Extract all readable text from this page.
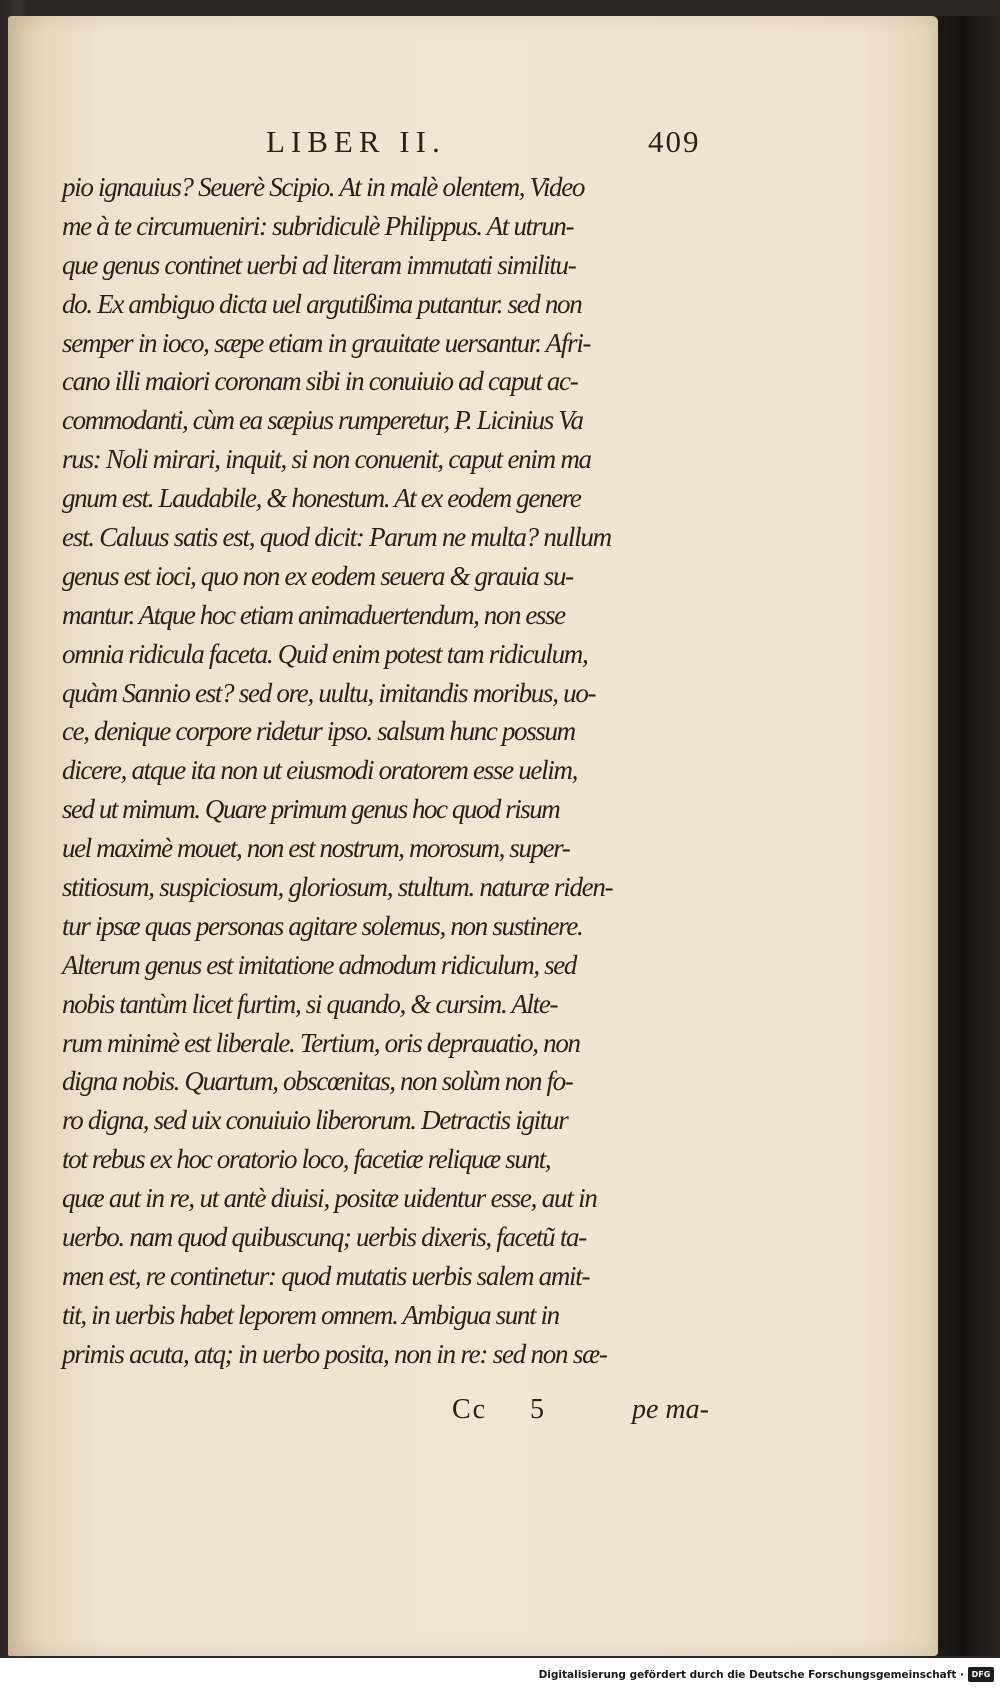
LIBER II.	409
pio ignauius? Seuerè Scipio. At in malè olentem, Video
me à te circumueniri: subridiculè Philippus. At utrun-
que genus continet uerbi ad literam immutati similitu-
do. Ex ambiguo dicta uel argutißima putantur. sed non
semper in ioco, sæpe etiam in grauitate uersantur. Afri-
cano illi maiori coronam sibi in conuiuio ad caput ac-
commodanti, cùm ea sæpius rumperetur, P. Licinius Va
rus: Noli mirari, inquit, si non conuenit, caput enim ma
gnum est. Laudabile, & honestum. At ex eodem genere
est. Caluus satis est, quod dicit: Parum ne multa? nullum
genus est ioci, quo non ex eodem seuera & grauia su-
mantur. Atque hoc etiam animaduertendum, non esse
omnia ridicula faceta. Quid enim potest tam ridiculum,
quàm Sannio est? sed ore, uultu, imitandis moribus, uo-
ce, denique corpore ridetur ipso. salsum hunc possum
dicere, atque ita non ut eiusmodi oratorem esse uelim,
sed ut mimum. Quare primum genus hoc quod risum
uel maximè mouet, non est nostrum, morosum, super-
stitiosum, suspiciosum, gloriosum, stultum. naturæ riden-
tur ipsæ quas personas agitare solemus, non sustinere.
Alterum genus est imitatione admodum ridiculum, sed
nobis tantùm licet furtim, si quando, & cursim. Alte-
rum minimè est liberale. Tertium, oris deprauatio, non
digna nobis. Quartum, obscœnitas, non solùm non fo-
ro digna, sed uix conuiuio liberorum. Detractis igitur
tot rebus ex hoc oratorio loco, facetiæ reliquæ sunt,
quæ aut in re, ut antè diuisi, positæ uidentur esse, aut in
uerbo. nam quod quibuscunq; uerbis dixeris, facetũ ta-
men est, re continetur: quod mutatis uerbis salem amit-
tit, in uerbis habet leporem omnem. Ambigua sunt in
primis acuta, atq; in uerbo posita, non in re: sed non sæ-
Cc 5	pe ma-
Digitalisierung gefördert durch die Deutsche Forschungsgemeinschaft · DFG
